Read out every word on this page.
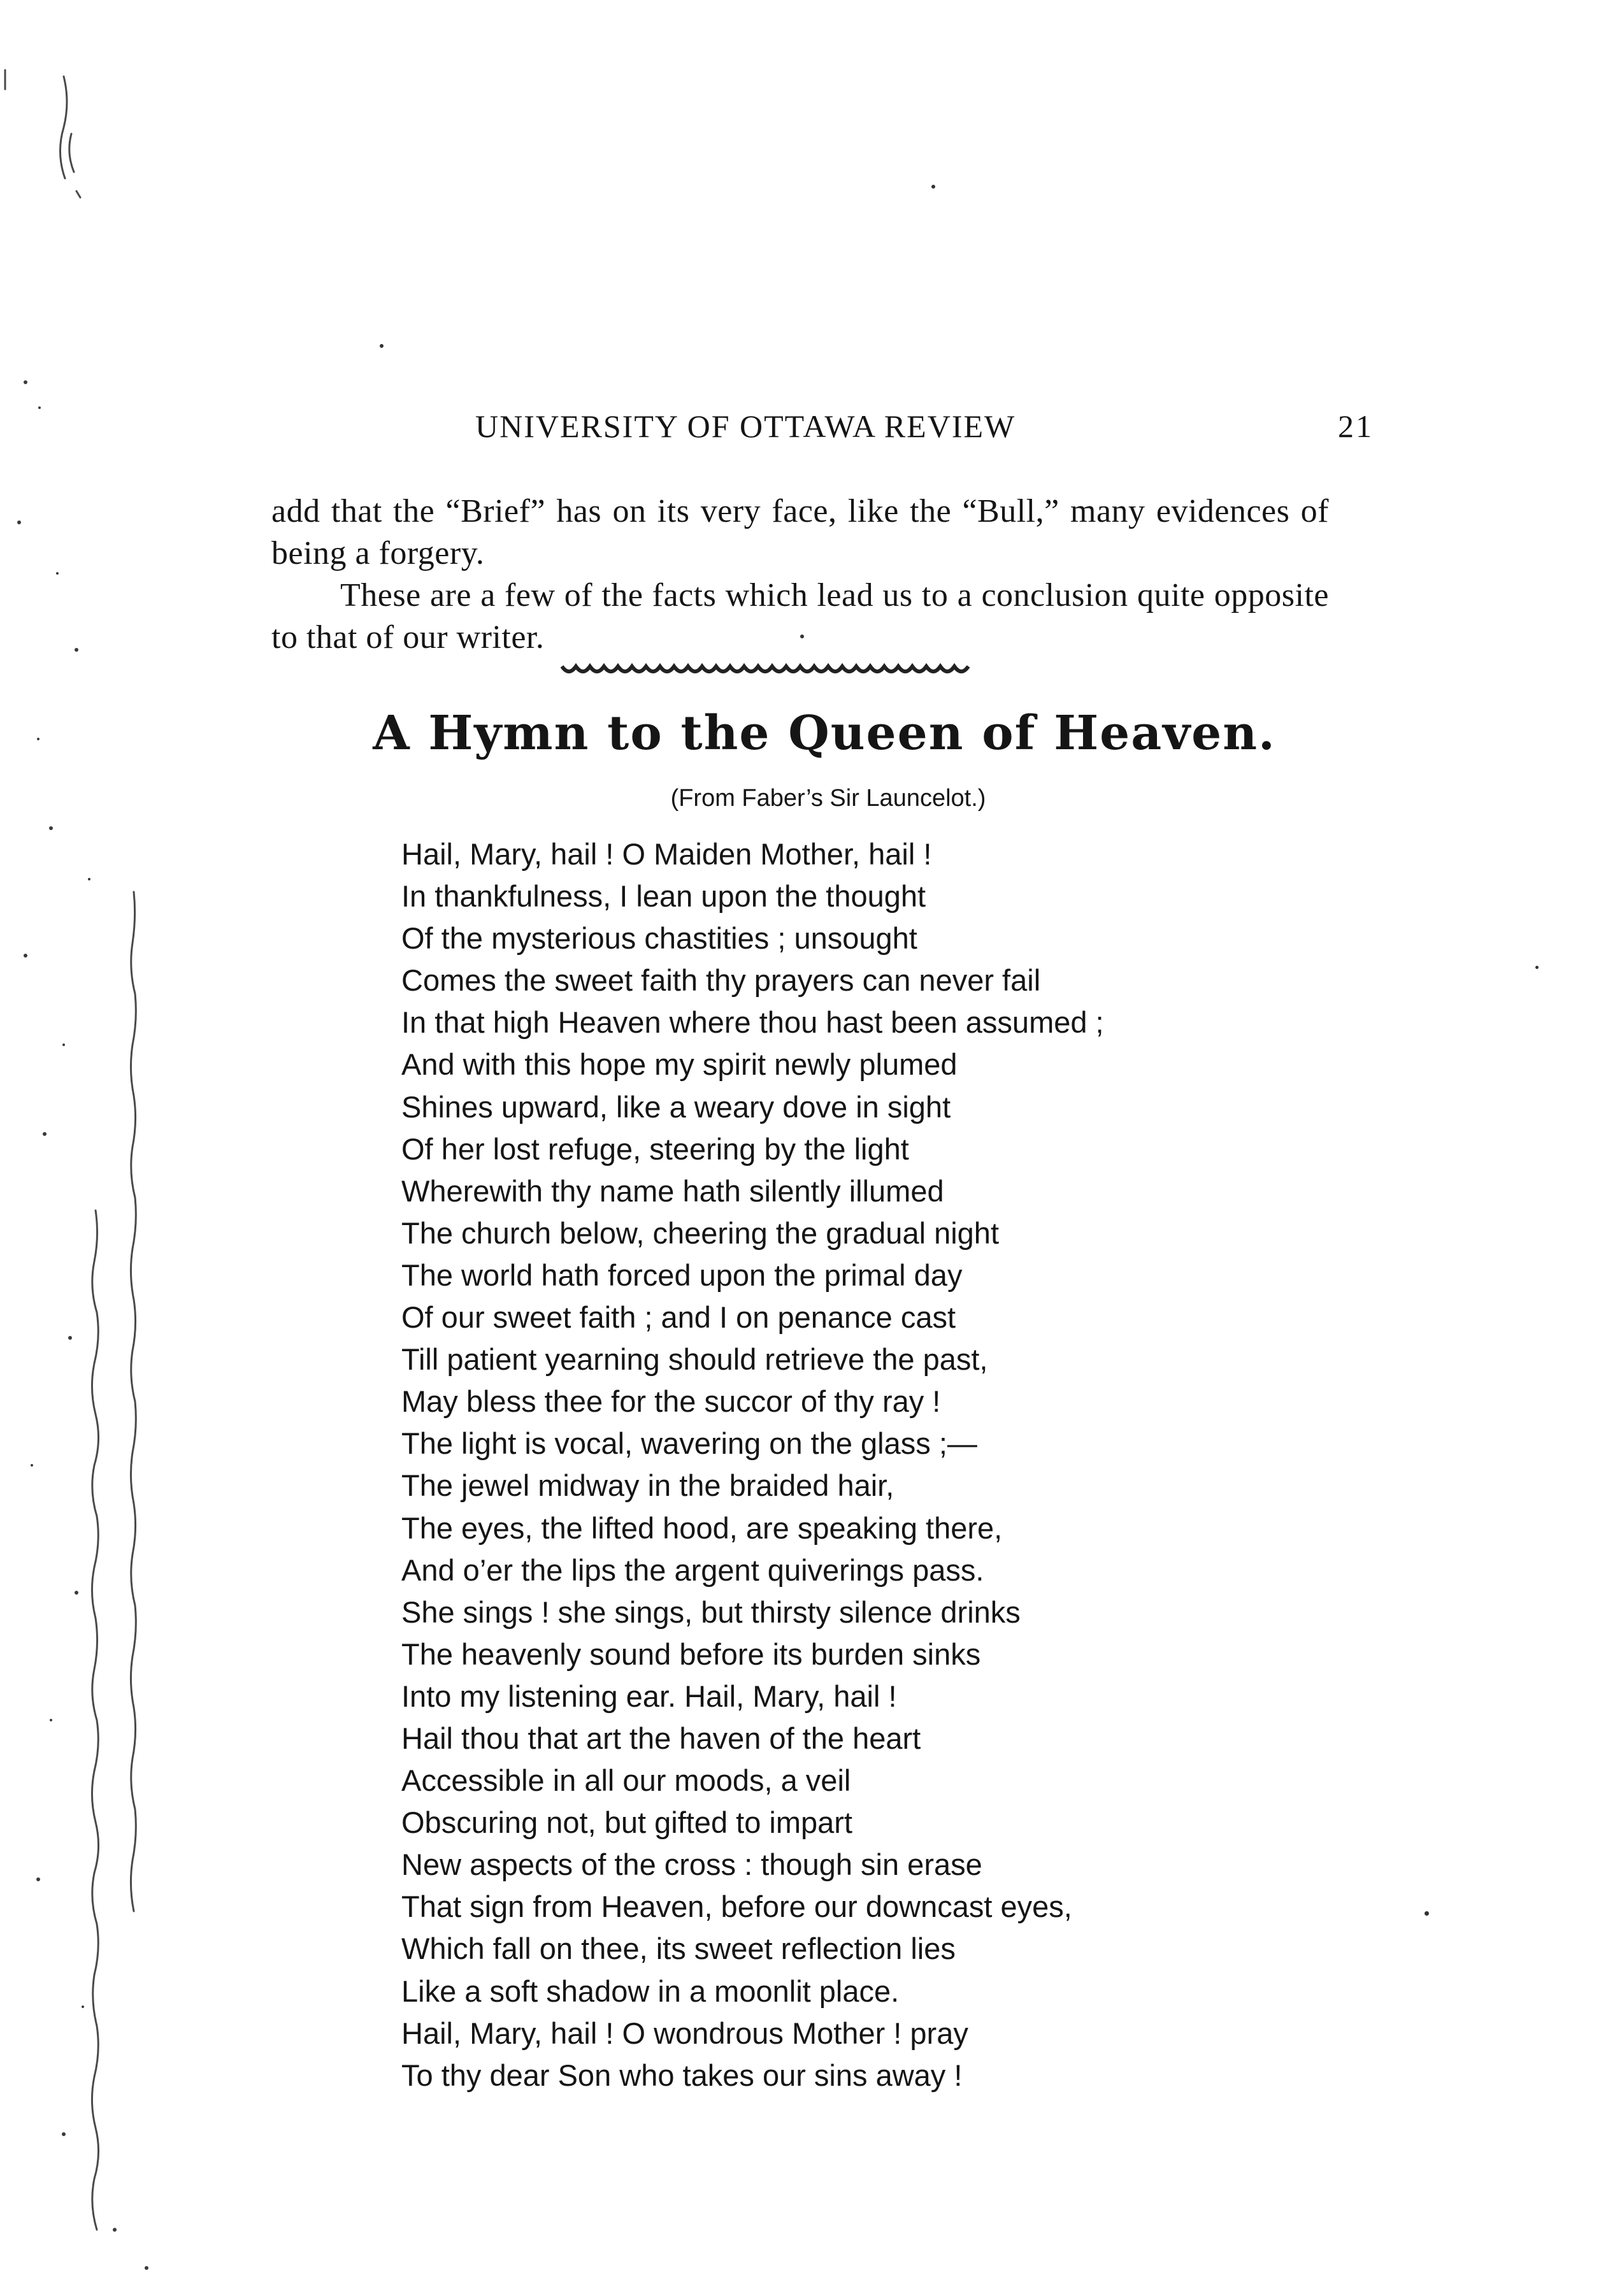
UNIVERSITY OF OTTAWA REVIEW	21

add that the “Brief” has on its very face, like the “Bull,” many evidences of being a forgery.

These are a few of the facts which lead us to a conclusion quite opposite to that of our writer.

A Hymn to the Queen of Heaven.
(From Faber’s Sir Launcelot.)
Hail, Mary, hail ! O Maiden Mother, hail !
In thankfulness, I lean upon the thought
Of the mysterious chastities ; unsought
Comes the sweet faith thy prayers can never fail
In that high Heaven where thou hast been assumed ;
And with this hope my spirit newly plumed
Shines upward, like a weary dove in sight
Of her lost refuge, steering by the light
Wherewith thy name hath silently illumed
The church below, cheering the gradual night
The world hath forced upon the primal day
Of our sweet faith ; and I on penance cast
Till patient yearning should retrieve the past,
May bless thee for the succor of thy ray !
The light is vocal, wavering on the glass ;—
The jewel midway in the braided hair,
The eyes, the lifted hood, are speaking there,
And o’er the lips the argent quiverings pass.
She sings ! she sings, but thirsty silence drinks
The heavenly sound before its burden sinks
Into my listening ear. Hail, Mary, hail !
Hail thou that art the haven of the heart
Accessible in all our moods, a veil
Obscuring not, but gifted to impart
New aspects of the cross : though sin erase
That sign from Heaven, before our downcast eyes,
Which fall on thee, its sweet reflection lies
Like a soft shadow in a moonlit place.
Hail, Mary, hail ! O wondrous Mother ! pray
To thy dear Son who takes our sins away !
